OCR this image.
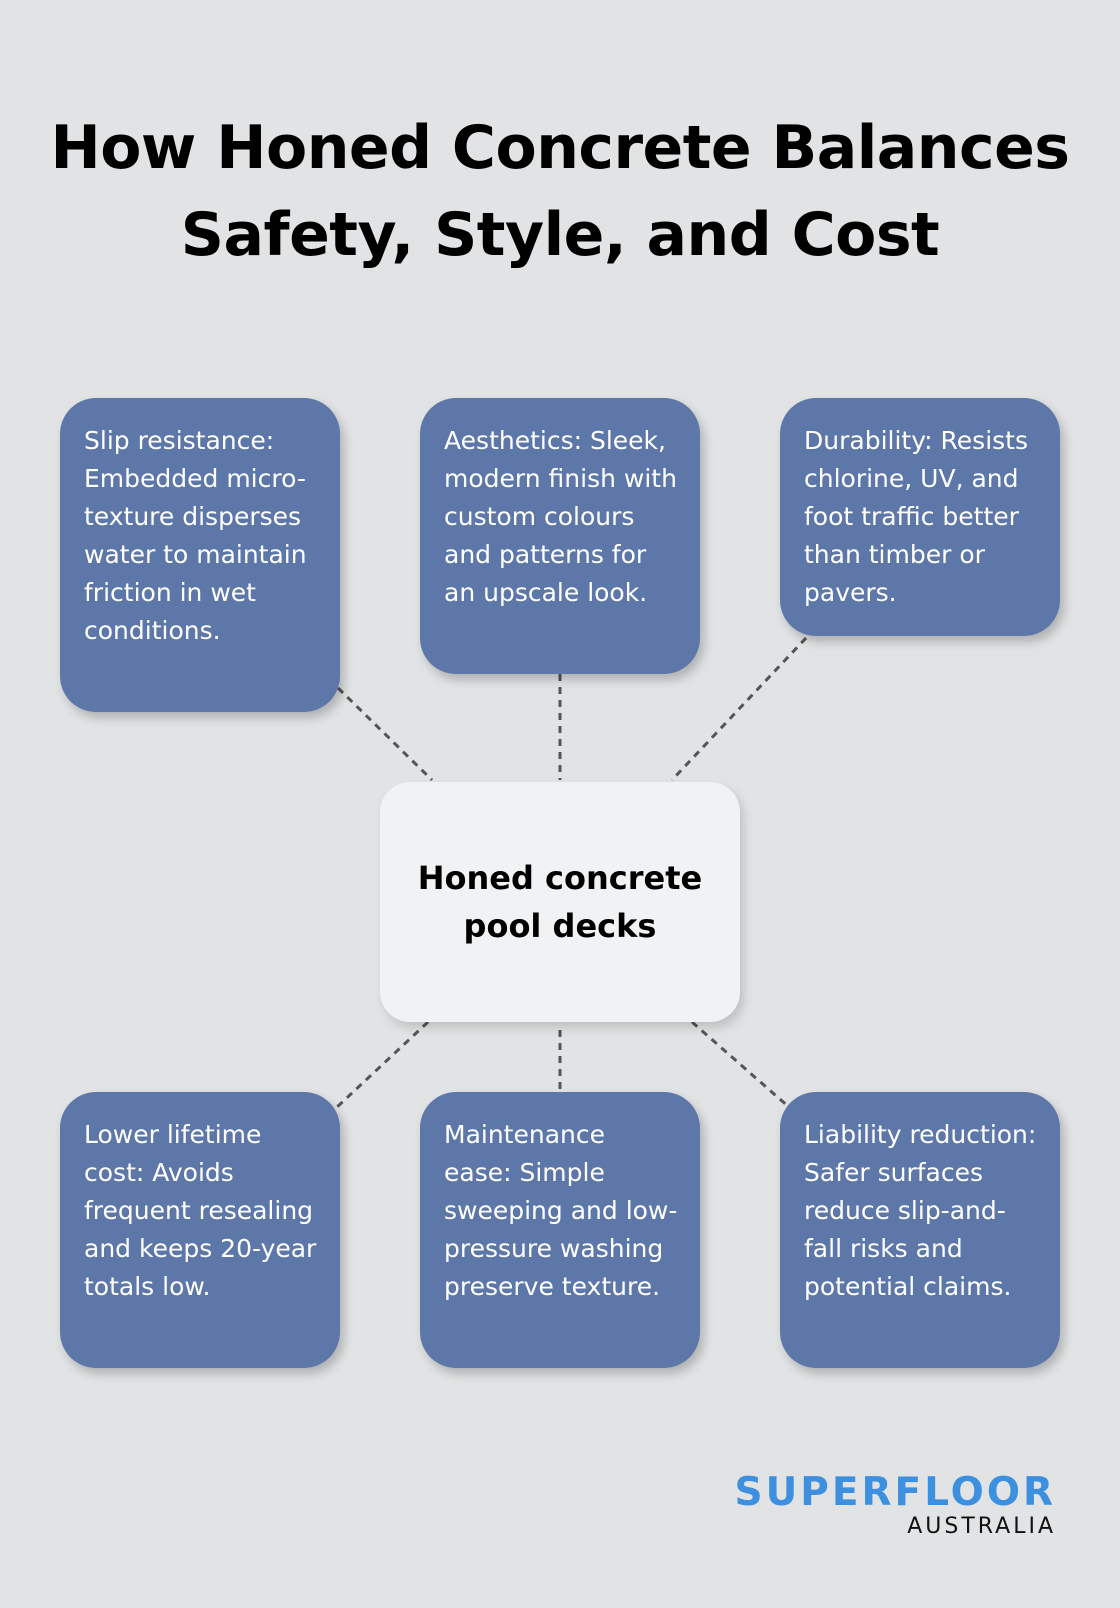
How Honed Concrete Balances
Safety, Style, and Cost
Slip resistance: Embedded micro-texture disperses water to maintain friction in wet conditions.
Aesthetics: Sleek, modern finish with custom colours and patterns for an upscale look.
Durability: Resists chlorine, UV, and foot traffic better than timber or pavers.
Honed concrete pool decks
Lower lifetime cost: Avoids frequent resealing and keeps 20-year totals low.
Maintenance ease: Simple sweeping and low-pressure washing preserve texture.
Liability reduction: Safer surfaces reduce slip-and-fall risks and potential claims.
SUPERFLOOR
AUSTRALIA
